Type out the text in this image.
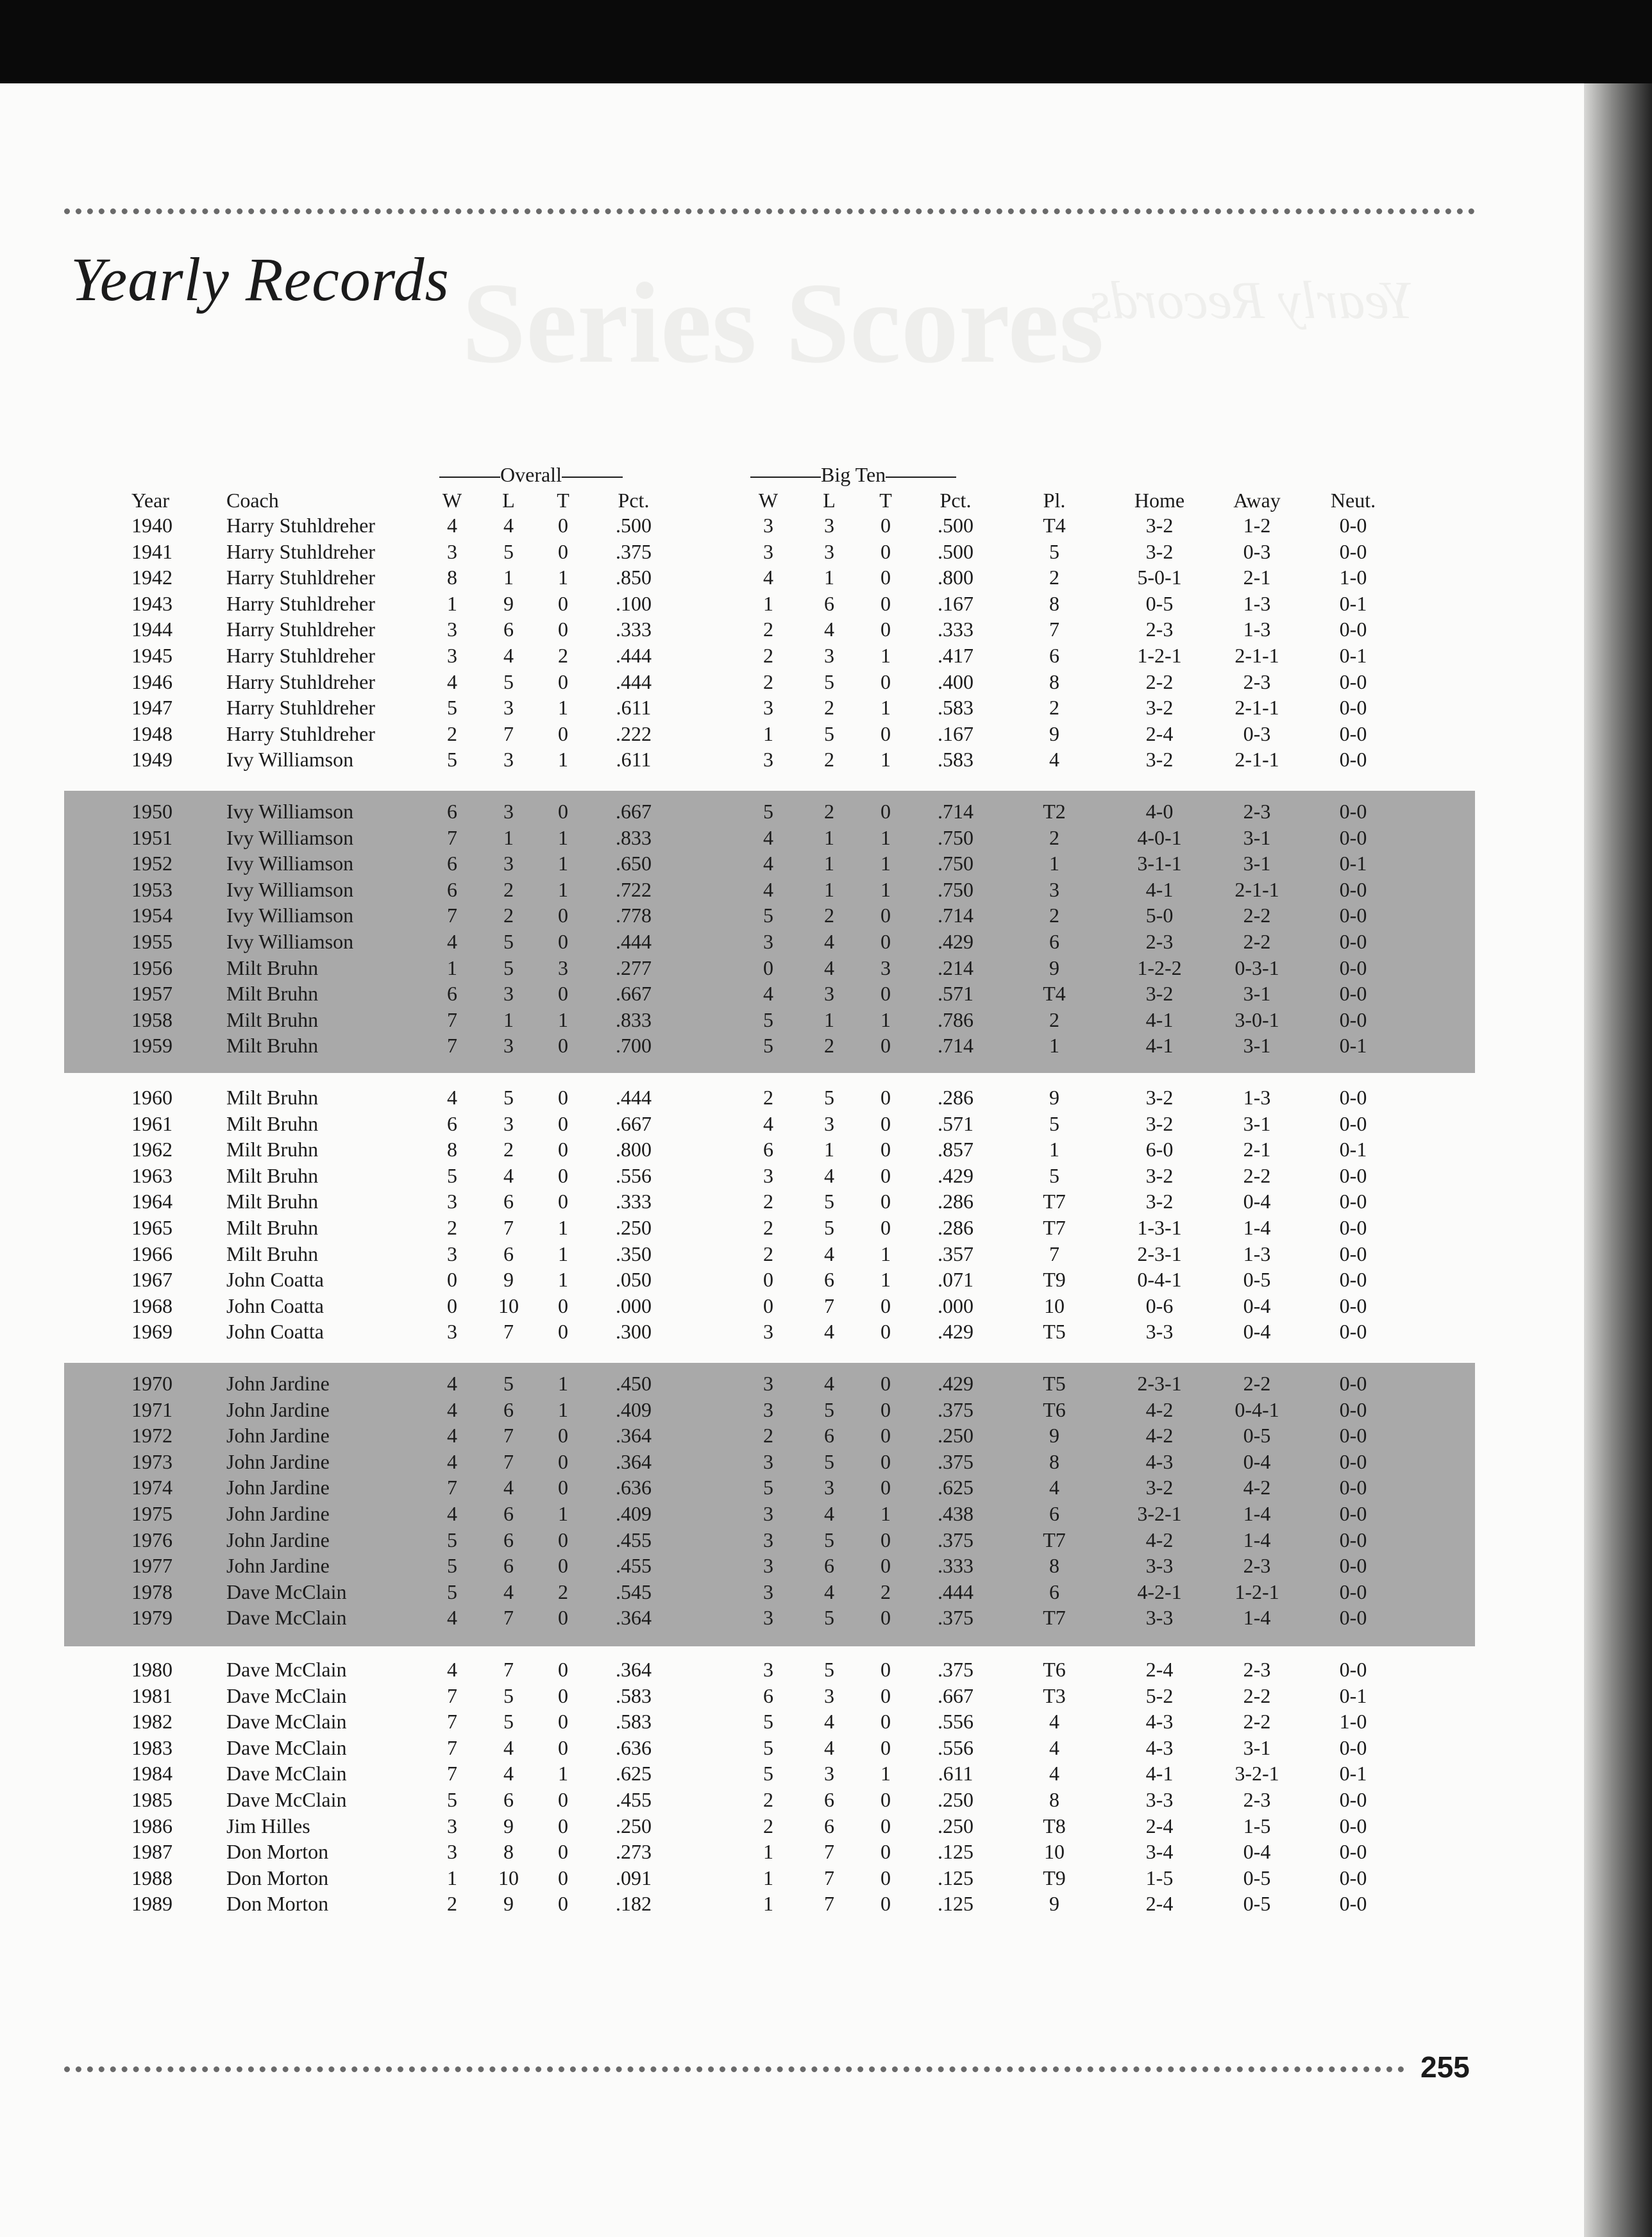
Series Scores
Yearly Records
Yearly Records
Overall	Big Ten
Year	Coach	W L T Pct.	W L T Pct.	Pl.	Home Away Neut.
1940	Harry Stuhldreher	4 4 0 .500	3 3 0 .500	T4	3-2	1-2	0-0
1941	Harry Stuhldreher	3 5 0 .375	3 3 0 .500	5	3-2	0-3	0-0
1942	Harry Stuhldreher	8 1 1 .850	4 1 0 .800	2	5-0-1	2-1	1-0
1943	Harry Stuhldreher	1 9 0 .100	1 6 0 .167	8	0-5	1-3	0-1
1944	Harry Stuhldreher	3 6 0 .333	2 4 0 .333	7	2-3	1-3	0-0
1945	Harry Stuhldreher	3 4 2 .444	2 3 1 .417	6	1-2-1	2-1-1	0-1
1946	Harry Stuhldreher	4 5 0 .444	2 5 0 .400	8	2-2	2-3	0-0
1947	Harry Stuhldreher	5 3 1 .611	3 2 1 .583	2	3-2	2-1-1	0-0
1948	Harry Stuhldreher	2 7 0 .222	1 5 0 .167	9	2-4	0-3	0-0
1949	Ivy Williamson	5 3 1 .611	3 2 1 .583	4	3-2	2-1-1	0-0
1950	Ivy Williamson	6 3 0 .667	5 2 0 .714	T2	4-0	2-3	0-0
1951	Ivy Williamson	7 1 1 .833	4 1 1 .750	2	4-0-1	3-1	0-0
1952	Ivy Williamson	6 3 1 .650	4 1 1 .750	1	3-1-1	3-1	0-1
1953	Ivy Williamson	6 2 1 .722	4 1 1 .750	3	4-1	2-1-1	0-0
1954	Ivy Williamson	7 2 0 .778	5 2 0 .714	2	5-0	2-2	0-0
1955	Ivy Williamson	4 5 0 .444	3 4 0 .429	6	2-3	2-2	0-0
1956	Milt Bruhn	1 5 3 .277	0 4 3 .214	9	1-2-2	0-3-1	0-0
1957	Milt Bruhn	6 3 0 .667	4 3 0 .571	T4	3-2	3-1	0-0
1958	Milt Bruhn	7 1 1 .833	5 1 1 .786	2	4-1	3-0-1	0-0
1959	Milt Bruhn	7 3 0 .700	5 2 0 .714	1	4-1	3-1	0-1
1960	Milt Bruhn	4 5 0 .444	2 5 0 .286	9	3-2	1-3	0-0
1961	Milt Bruhn	6 3 0 .667	4 3 0 .571	5	3-2	3-1	0-0
1962	Milt Bruhn	8 2 0 .800	6 1 0 .857	1	6-0	2-1	0-1
1963	Milt Bruhn	5 4 0 .556	3 4 0 .429	5	3-2	2-2	0-0
1964	Milt Bruhn	3 6 0 .333	2 5 0 .286	T7	3-2	0-4	0-0
1965	Milt Bruhn	2 7 1 .250	2 5 0 .286	T7	1-3-1	1-4	0-0
1966	Milt Bruhn	3 6 1 .350	2 4 1 .357	7	2-3-1	1-3	0-0
1967	John Coatta	0 9 1 .050	0 6 1 .071	T9	0-4-1	0-5	0-0
1968	John Coatta	0 10 0 .000	0 7 0 .000	10	0-6	0-4	0-0
1969	John Coatta	3 7 0 .300	3 4 0 .429	T5	3-3	0-4	0-0
1970	John Jardine	4 5 1 .450	3 4 0 .429	T5	2-3-1	2-2	0-0
1971	John Jardine	4 6 1 .409	3 5 0 .375	T6	4-2	0-4-1	0-0
1972	John Jardine	4 7 0 .364	2 6 0 .250	9	4-2	0-5	0-0
1973	John Jardine	4 7 0 .364	3 5 0 .375	8	4-3	0-4	0-0
1974	John Jardine	7 4 0 .636	5 3 0 .625	4	3-2	4-2	0-0
1975	John Jardine	4 6 1 .409	3 4 1 .438	6	3-2-1	1-4	0-0
1976	John Jardine	5 6 0 .455	3 5 0 .375	T7	4-2	1-4	0-0
1977	John Jardine	5 6 0 .455	3 6 0 .333	8	3-3	2-3	0-0
1978	Dave McClain	5 4 2 .545	3 4 2 .444	6	4-2-1	1-2-1	0-0
1979	Dave McClain	4 7 0 .364	3 5 0 .375	T7	3-3	1-4	0-0
1980	Dave McClain	4 7 0 .364	3 5 0 .375	T6	2-4	2-3	0-0
1981	Dave McClain	7 5 0 .583	6 3 0 .667	T3	5-2	2-2	0-1
1982	Dave McClain	7 5 0 .583	5 4 0 .556	4	4-3	2-2	1-0
1983	Dave McClain	7 4 0 .636	5 4 0 .556	4	4-3	3-1	0-0
1984	Dave McClain	7 4 1 .625	5 3 1 .611	4	4-1	3-2-1	0-1
1985	Dave McClain	5 6 0 .455	2 6 0 .250	8	3-3	2-3	0-0
1986	Jim Hilles	3 9 0 .250	2 6 0 .250	T8	2-4	1-5	0-0
1987	Don Morton	3 8 0 .273	1 7 0 .125	10	3-4	0-4	0-0
1988	Don Morton	1 10 0 .091	1 7 0 .125	T9	1-5	0-5	0-0
1989	Don Morton	2 9 0 .182	1 7 0 .125	9	2-4	0-5	0-0
255
